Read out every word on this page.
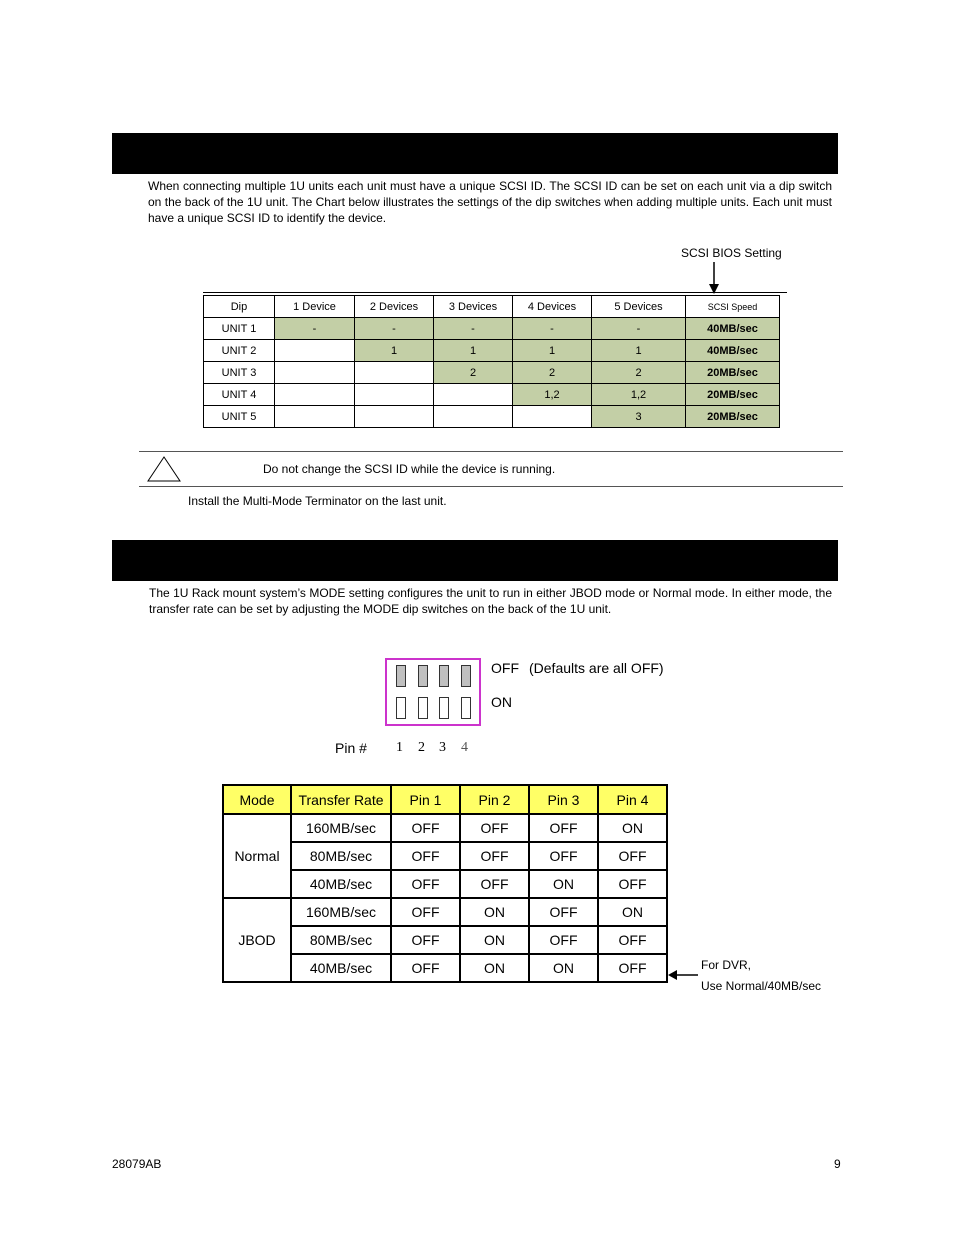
When connecting multiple 1U units each unit must have a unique SCSI ID. The SCSI ID can be set on each unit via a dip switch on the back of the 1U unit. The Chart below illustrates the settings of the dip switches when adding multiple units. Each unit must have a unique SCSI ID to identify the device.
SCSI BIOS Setting
Dip	1 Device	2 Devices	3 Devices	4 Devices	5 Devices	SCSI Speed
UNIT 1	-	-	-	-	-	40MB/sec
UNIT 2		1	1	1	1	40MB/sec
UNIT 3			2	2	2	20MB/sec
UNIT 4				1,2	1,2	20MB/sec
UNIT 5					3	20MB/sec
Do not change the SCSI ID while the device is running.
Install the Multi-Mode Terminator on the last unit.
The 1U Rack mount system’s MODE setting configures the unit to run in either JBOD mode or Normal mode. In either mode, the transfer rate can be set by adjusting the MODE dip switches on the back of the 1U unit.
OFF (Defaults are all OFF)
ON
Pin # 1 2 3 4
Mode	Transfer Rate	Pin 1	Pin 2	Pin 3	Pin 4
Normal	160MB/sec	OFF	OFF	OFF	ON
	80MB/sec	OFF	OFF	OFF	OFF
	40MB/sec	OFF	OFF	ON	OFF
JBOD	160MB/sec	OFF	ON	OFF	ON
	80MB/sec	OFF	ON	OFF	OFF
	40MB/sec	OFF	ON	ON	OFF	For DVR,
Use Normal/40MB/sec
28079AB	9
